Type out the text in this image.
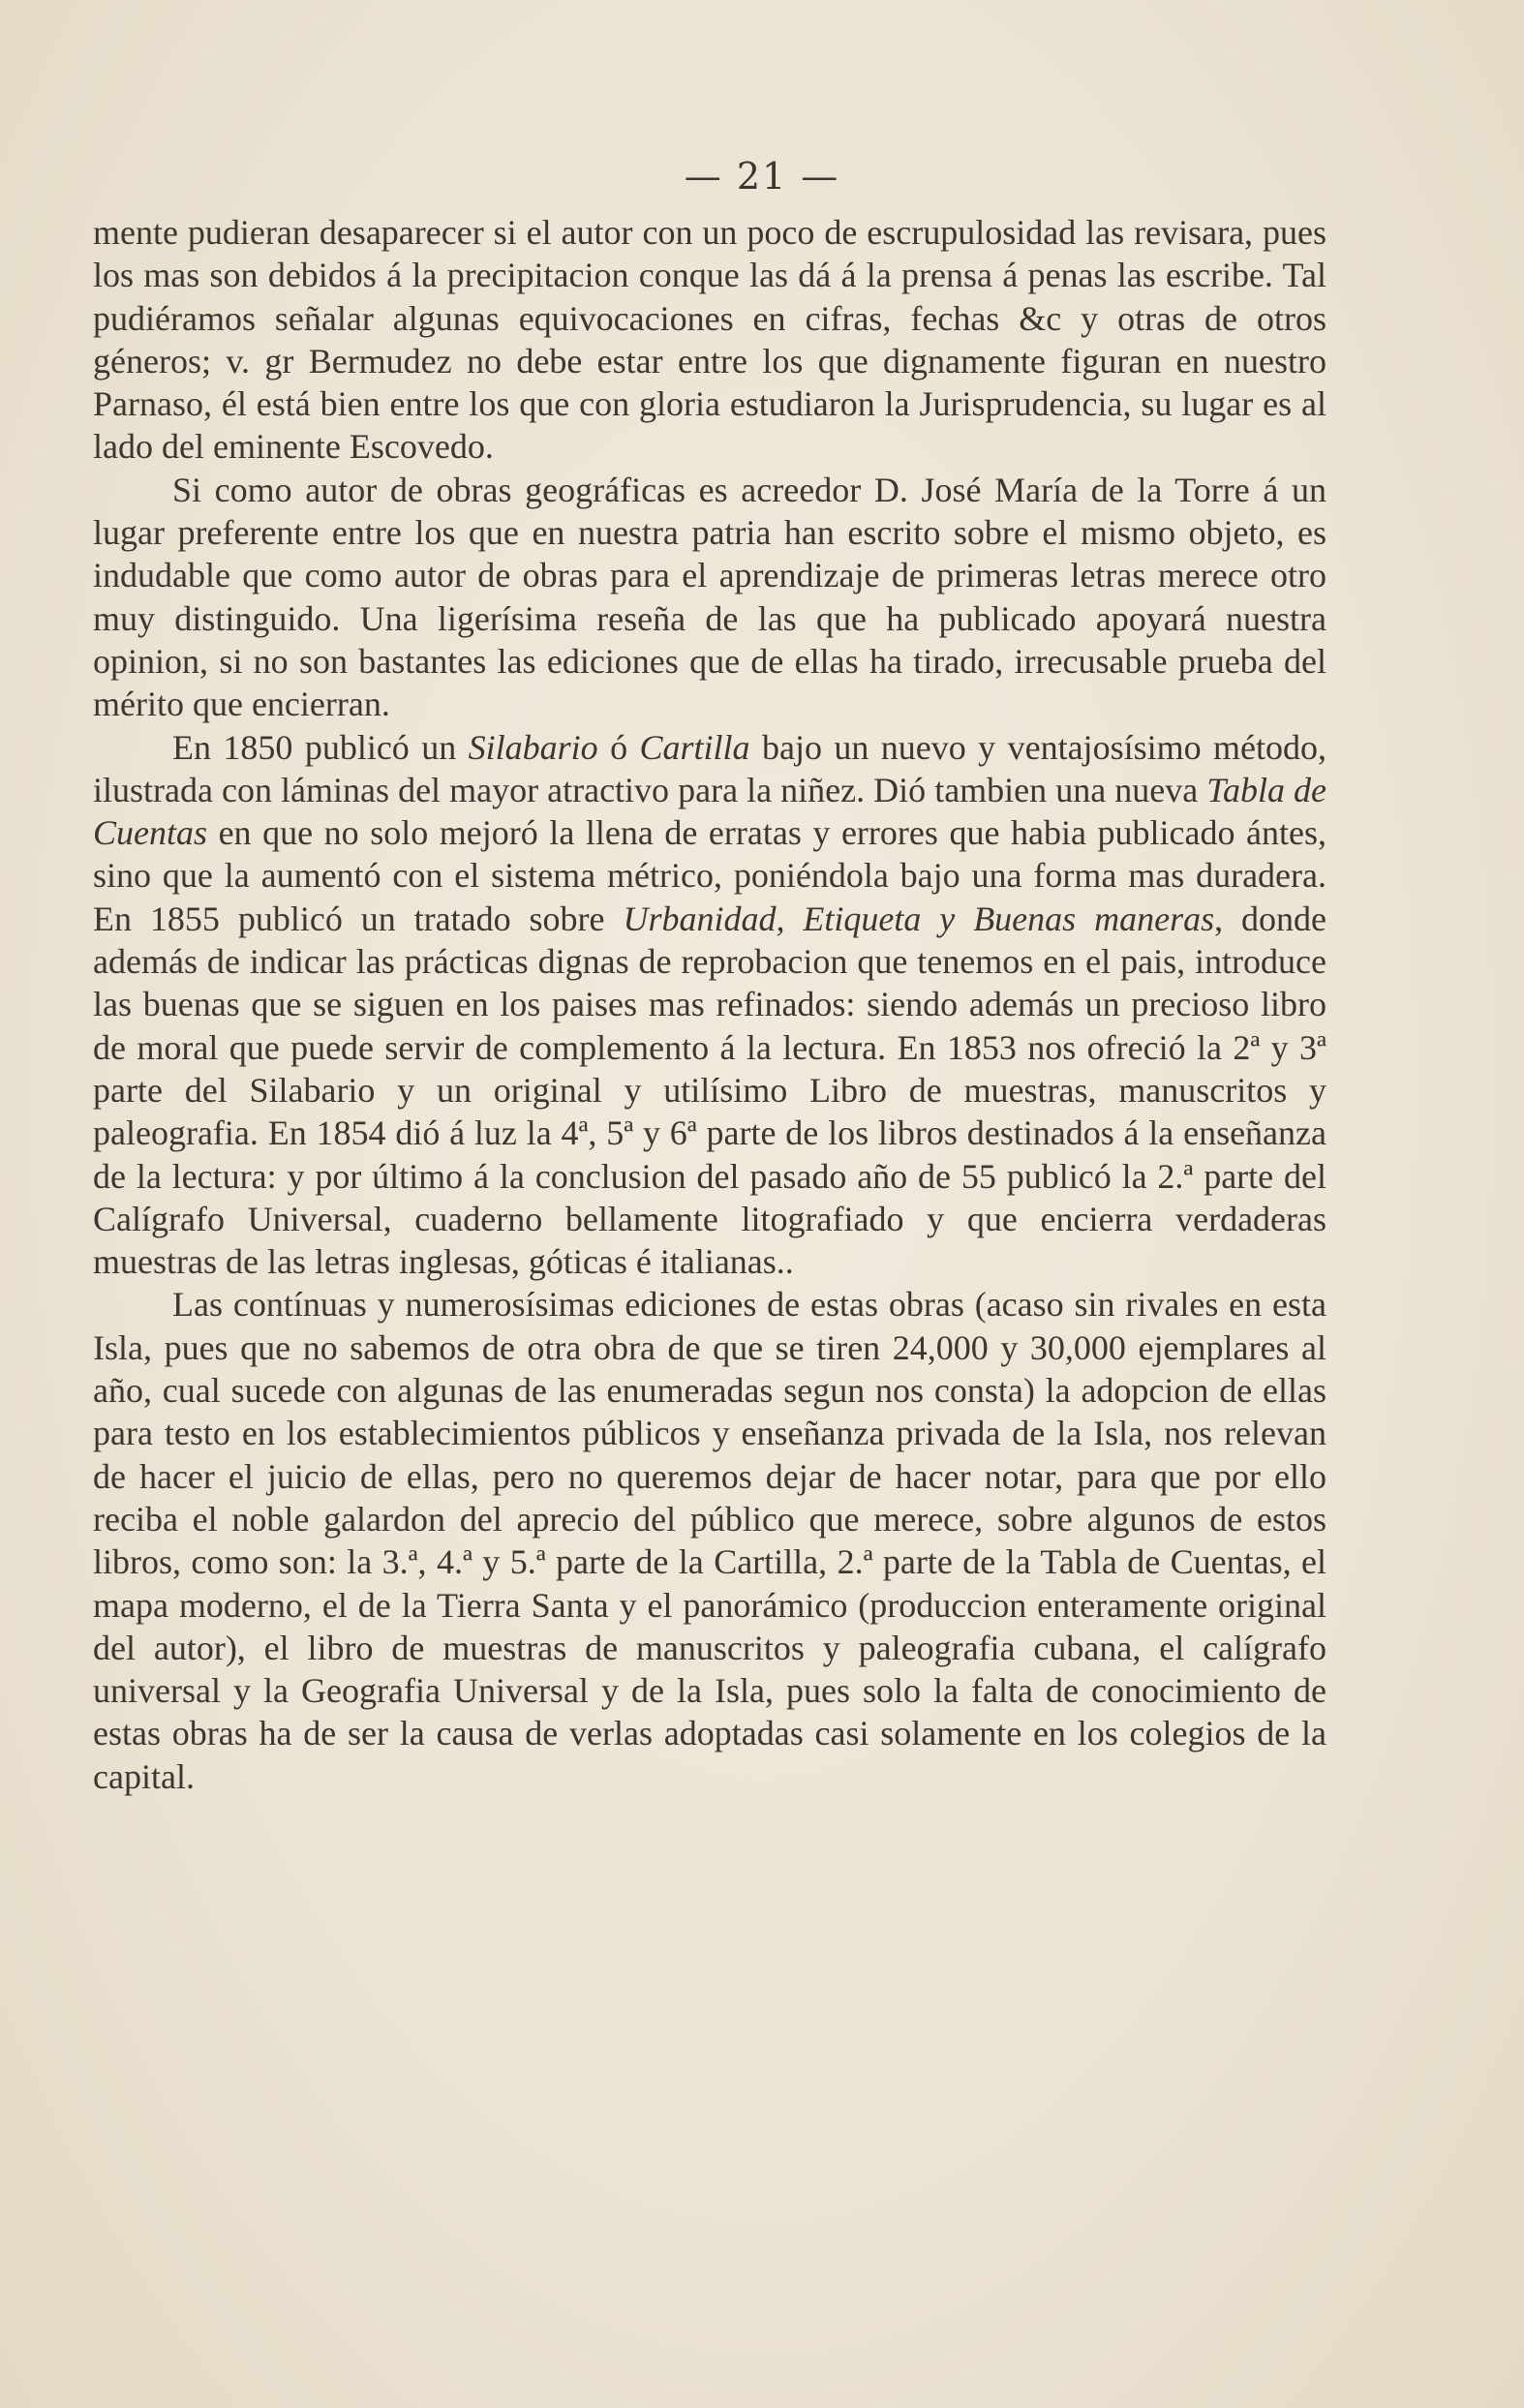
— 21 —

mente pudieran desaparecer si el autor con un poco de escrupulosidad las revisara, pues los mas son debidos á la precipitacion conque las dá á la prensa á penas las escribe. Tal pudiéramos señalar algunas equivocaciones en cifras, fechas &c y otras de otros géneros; v. gr Bermudez no debe estar entre los que dignamente figuran en nuestro Parnaso, él está bien entre los que con gloria estudiaron la Jurisprudencia, su lugar es al lado del eminente Escovedo.

Si como autor de obras geográficas es acreedor D. José María de la Torre á un lugar preferente entre los que en nuestra patria han escrito sobre el mismo objeto, es indudable que como autor de obras para el aprendizaje de primeras letras merece otro muy distinguido. Una ligerísima reseña de las que ha publicado apoyará nuestra opinion, si no son bastantes las ediciones que de ellas ha tirado, irrecusable prueba del mérito que encierran.

En 1850 publicó un Silabario ó Cartilla bajo un nuevo y ventajosísimo método, ilustrada con láminas del mayor atractivo para la niñez. Dió tambien una nueva Tabla de Cuentas en que no solo mejoró la llena de erratas y errores que habia publicado ántes, sino que la aumentó con el sistema métrico, poniéndola bajo una forma mas duradera. En 1855 publicó un tratado sobre Urbanidad, Etiqueta y Buenas maneras, donde además de indicar las prácticas dignas de reprobacion que tenemos en el pais, introduce las buenas que se siguen en los paises mas refinados: siendo además un precioso libro de moral que puede servir de complemento á la lectura. En 1853 nos ofreció la 2ª y 3ª parte del Silabario y un original y utilísimo Libro de muestras, manuscritos y paleografia. En 1854 dió á luz la 4ª, 5ª y 6ª parte de los libros destinados á la enseñanza de la lectura: y por último á la conclusion del pasado año de 55 publicó la 2.ª parte del Calígrafo Universal, cuaderno bellamente litografiado y que encierra verdaderas muestras de las letras inglesas, góticas é italianas..

Las contínuas y numerosísimas ediciones de estas obras (acaso sin rivales en esta Isla, pues que no sabemos de otra obra de que se tiren 24,000 y 30,000 ejemplares al año, cual sucede con algunas de las enumeradas segun nos consta) la adopcion de ellas para testo en los establecimientos públicos y enseñanza privada de la Isla, nos relevan de hacer el juicio de ellas, pero no queremos dejar de hacer notar, para que por ello reciba el noble galardon del aprecio del público que merece, sobre algunos de estos libros, como son: la 3.ª, 4.ª y 5.ª parte de la Cartilla, 2.ª parte de la Tabla de Cuentas, el mapa moderno, el de la Tierra Santa y el panorámico (produccion enteramente original del autor), el libro de muestras de manuscritos y paleografia cubana, el calígrafo universal y la Geografia Universal y de la Isla, pues solo la falta de conocimiento de estas obras ha de ser la causa de verlas adoptadas casi solamente en los colegios de la capital.
